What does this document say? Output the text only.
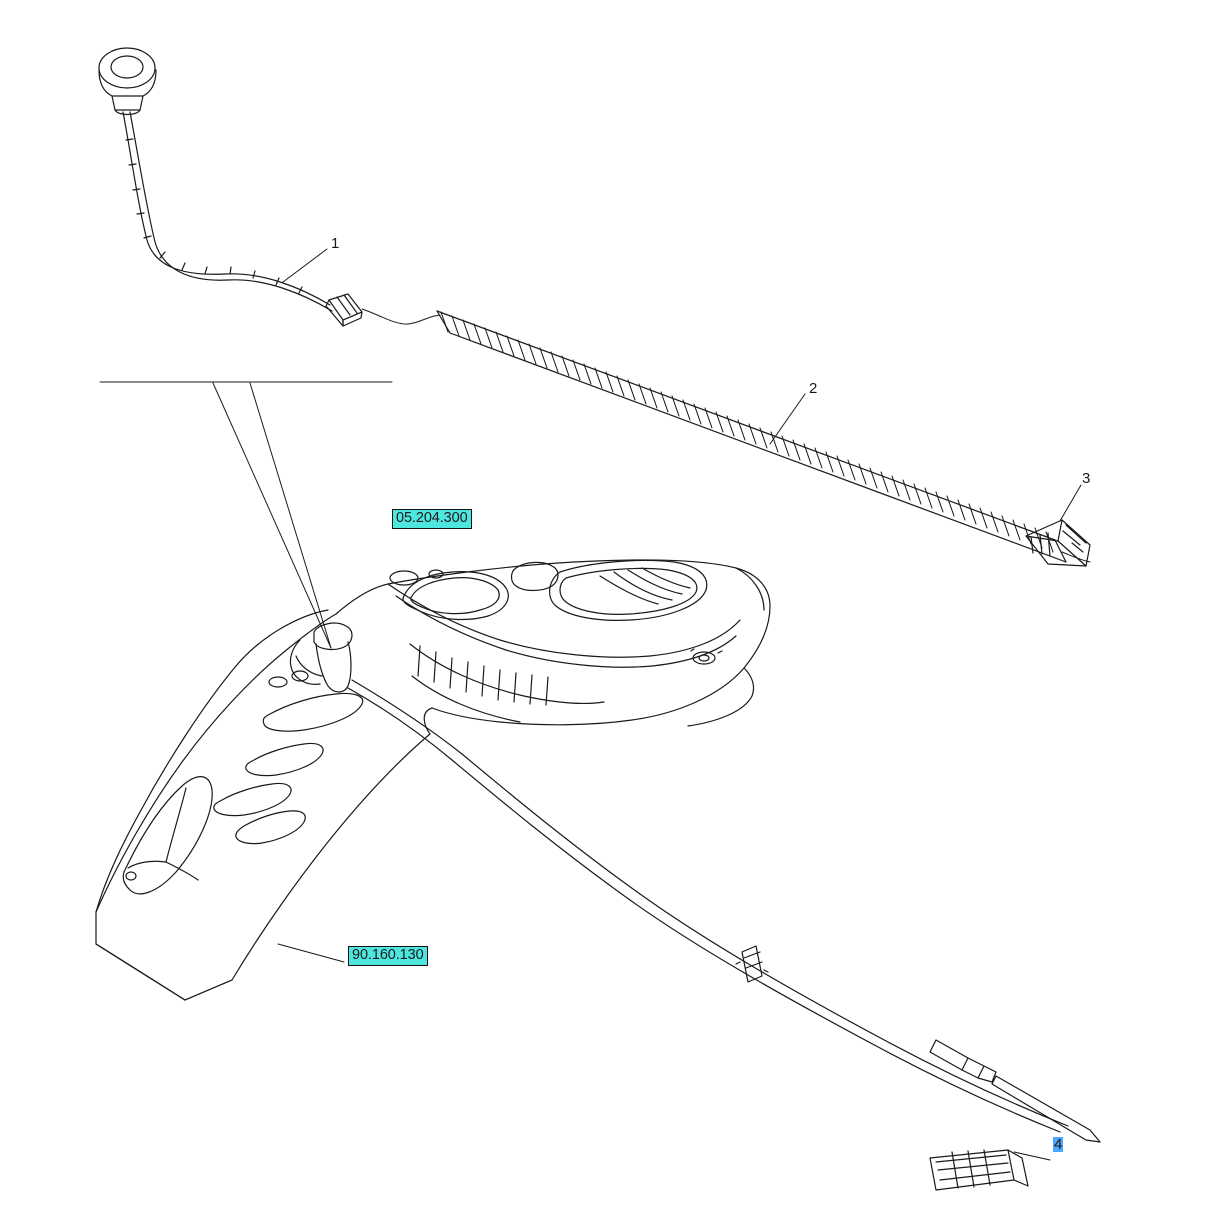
1
2
3
05.204.300
90.160.130
4
